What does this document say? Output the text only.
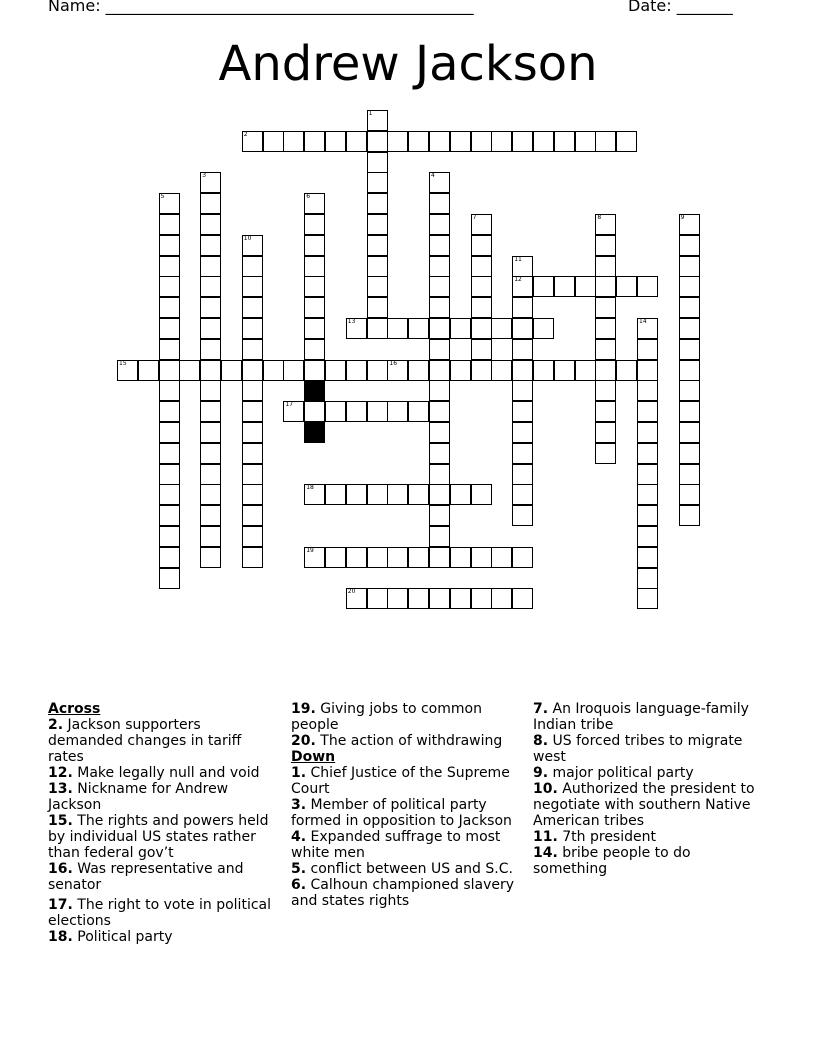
Name: ______________________________________________	Date: _______
Andrew Jackson
1
2
3	4
5	6
7	8	9
10
11
12
13	14
15	16
17
18
19
20
Across
2. Jackson supporters demanded changes in tariff rates
12. Make legally null and void
13. Nickname for Andrew Jackson
15. The rights and powers held by individual US states rather than federal gov’t
16. Was representative and senator
17. The right to vote in political elections
18. Political party
19. Giving jobs to common people
20. The action of withdrawing
Down
1. Chief Justice of the Supreme Court
3. Member of political party formed in opposition to Jackson
4. Expanded suffrage to most white men
5. conflict between US and S.C.
6. Calhoun championed slavery and states rights
7. An Iroquois language-family Indian tribe
8. US forced tribes to migrate west
9. major political party
10. Authorized the president to negotiate with southern Native American tribes
11. 7th president
14. bribe people to do something
